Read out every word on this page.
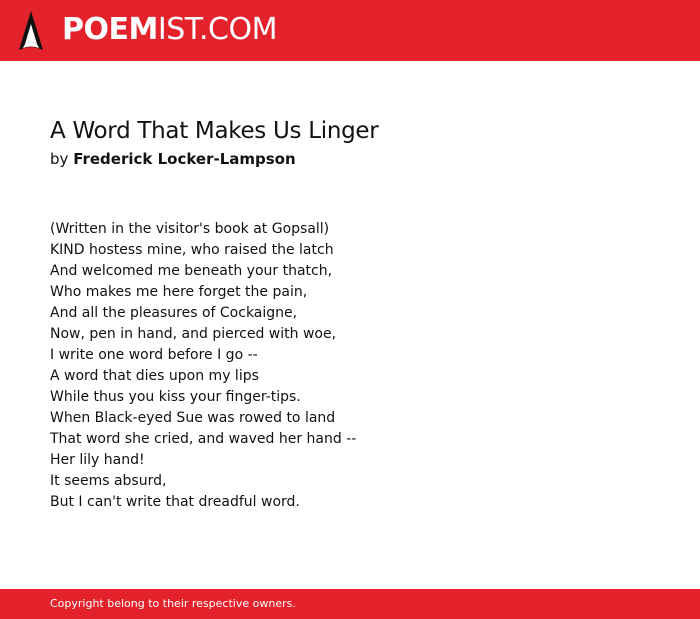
POEMIST.COM
A Word That Makes Us Linger
by Frederick Locker-Lampson
(Written in the visitor's book at Gopsall)
KIND hostess mine, who raised the latch
And welcomed me beneath your thatch,
Who makes me here forget the pain,
And all the pleasures of Cockaigne,
Now, pen in hand, and pierced with woe,
I write one word before I go --
A word that dies upon my lips
While thus you kiss your finger-tips.
When Black-eyed Sue was rowed to land
That word she cried, and waved her hand --
Her lily hand!
It seems absurd,
But I can't write that dreadful word.
Copyright belong to their respective owners.
